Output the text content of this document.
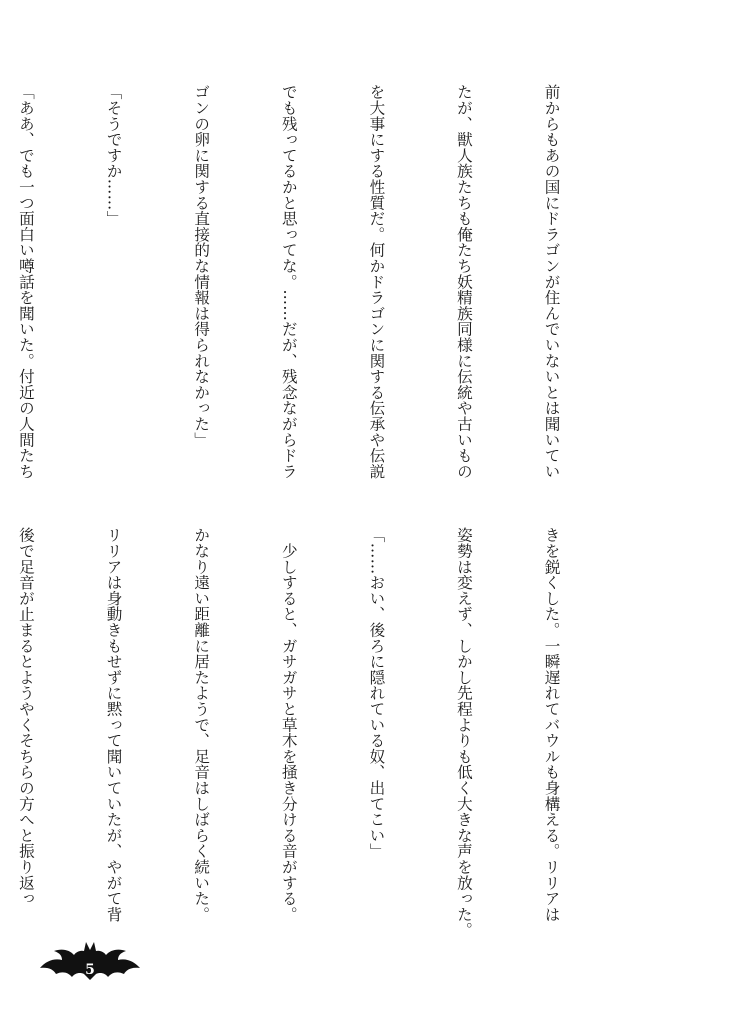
前からもあの国にドラゴンが住んでいないとは聞いてい

たが、獣人族たちも俺たち妖精族同様に伝統や古いもの

を大事にする性質だ。何かドラゴンに関する伝承や伝説

でも残ってるかと思ってな。……だが、残念ながらドラ

ゴンの卵に関する直接的な情報は得られなかった」

「そうですか……」

「ああ、でも一つ面白い噂話を聞いた。付近の人間たち

きを鋭くした。一瞬遅れてバウルも身構える。リリアは

姿勢は変えず、しかし先程よりも低く大きな声を放った。

「……おい、後ろに隠れている奴、出てこい」

　少しすると、ガサガサと草木を掻き分ける音がする。

かなり遠い距離に居たようで、足音はしばらく続いた。

リリアは身動きもせずに黙って聞いていたが、やがて背

後で足音が止まるとようやくそちらの方へと振り返っ

5
